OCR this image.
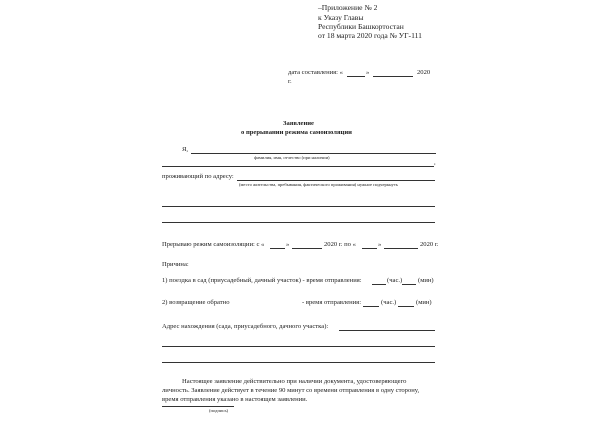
–Приложение № 2
к Указу Главы
Республики Башкортостан
от 18 марта 2020 года № УГ-111
дата составления: «	»	2020
г.
Заявление
о прерывании режима самоизоляции
Я,
фамилия, имя, отчество (при наличии)
,
проживающий по адресу:
(место жительства, пребывания, фактического проживания) нужное подчеркнуть
Прерываю режим самоизоляции: с «	»	2020 г. по «	»	2020 г.
Причина:
1) поездка в сад (приусадебный, дачный участок) - время отправления:	(час.) (мин)
2) возвращение обратно	- время отправления:	(час.)	(мин)
Адрес нахождения (сада, приусадебного, дачного участка):
Настоящее заявление действительно при наличии документа, удостоверяющего
личность. Заявление действует в течение 90 минут со времени отправления в одну сторону,
время отправления указано в настоящем заявлении.
(подпись)
